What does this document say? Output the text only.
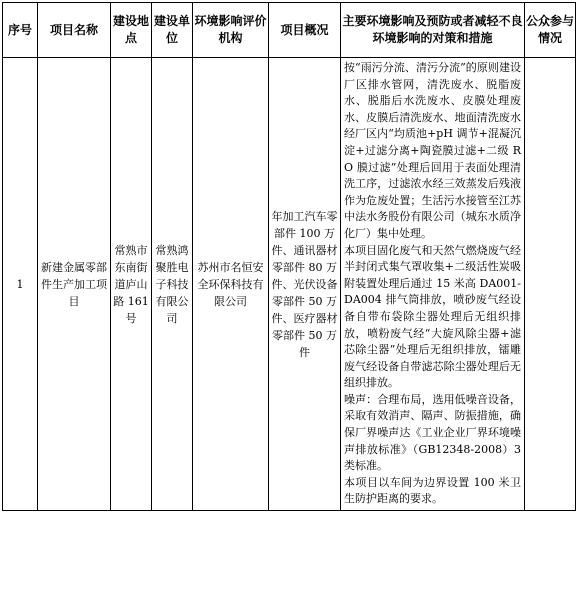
序号	项目名称	建设地点	建设单位	环境影响评价机构	项目概况	主要环境影响及预防或者减轻不良环境影响的对策和措施	公众参与情况
1	新建金属零部件生产加工项目	常熟市东南街道庐山路 161 号	常熟鸿聚胜电子科技有限公司	苏州市名恒安全环保科技有限公司	年加工汽车零部件 100 万件、通讯器材零部件 80 万件、光伏设备零部件 50 万件、医疗器材零部件 50 万件	按“雨污分流、清污分流”的原则建设厂区排水管网，清洗废水、脱脂废水、脱脂后水洗废水、皮膜处理废水、皮膜后清洗废水、地面清洗废水经厂区内“均质池+pH 调节+混凝沉淀+过滤分离+陶瓷膜过滤+二级 RO 膜过滤”处理后回用于表面处理清洗工序，过滤浓水经三效蒸发后残液作为危废处置；生活污水接管至江苏中法水务股份有限公司（城东水质净化厂）集中处理。

本项目固化废气和天然气燃烧废气经半封闭式集气罩收集+二级活性炭吸附装置处理后通过 15 米高 DA001-DA004 排气筒排放，喷砂废气经设备自带布袋除尘器处理后无组织排放，喷粉废气经“大旋风除尘器+滤芯除尘器”处理后无组织排放，镭雕废气经设备自带滤芯除尘器处理后无组织排放。

噪声：合理布局，选用低噪音设备，采取有效消声、隔声、防振措施，确保厂界噪声达《工业企业厂界环境噪声排放标准》（GB12348-2008）3 类标准。

本项目以车间为边界设置 100 米卫生防护距离的要求。	
